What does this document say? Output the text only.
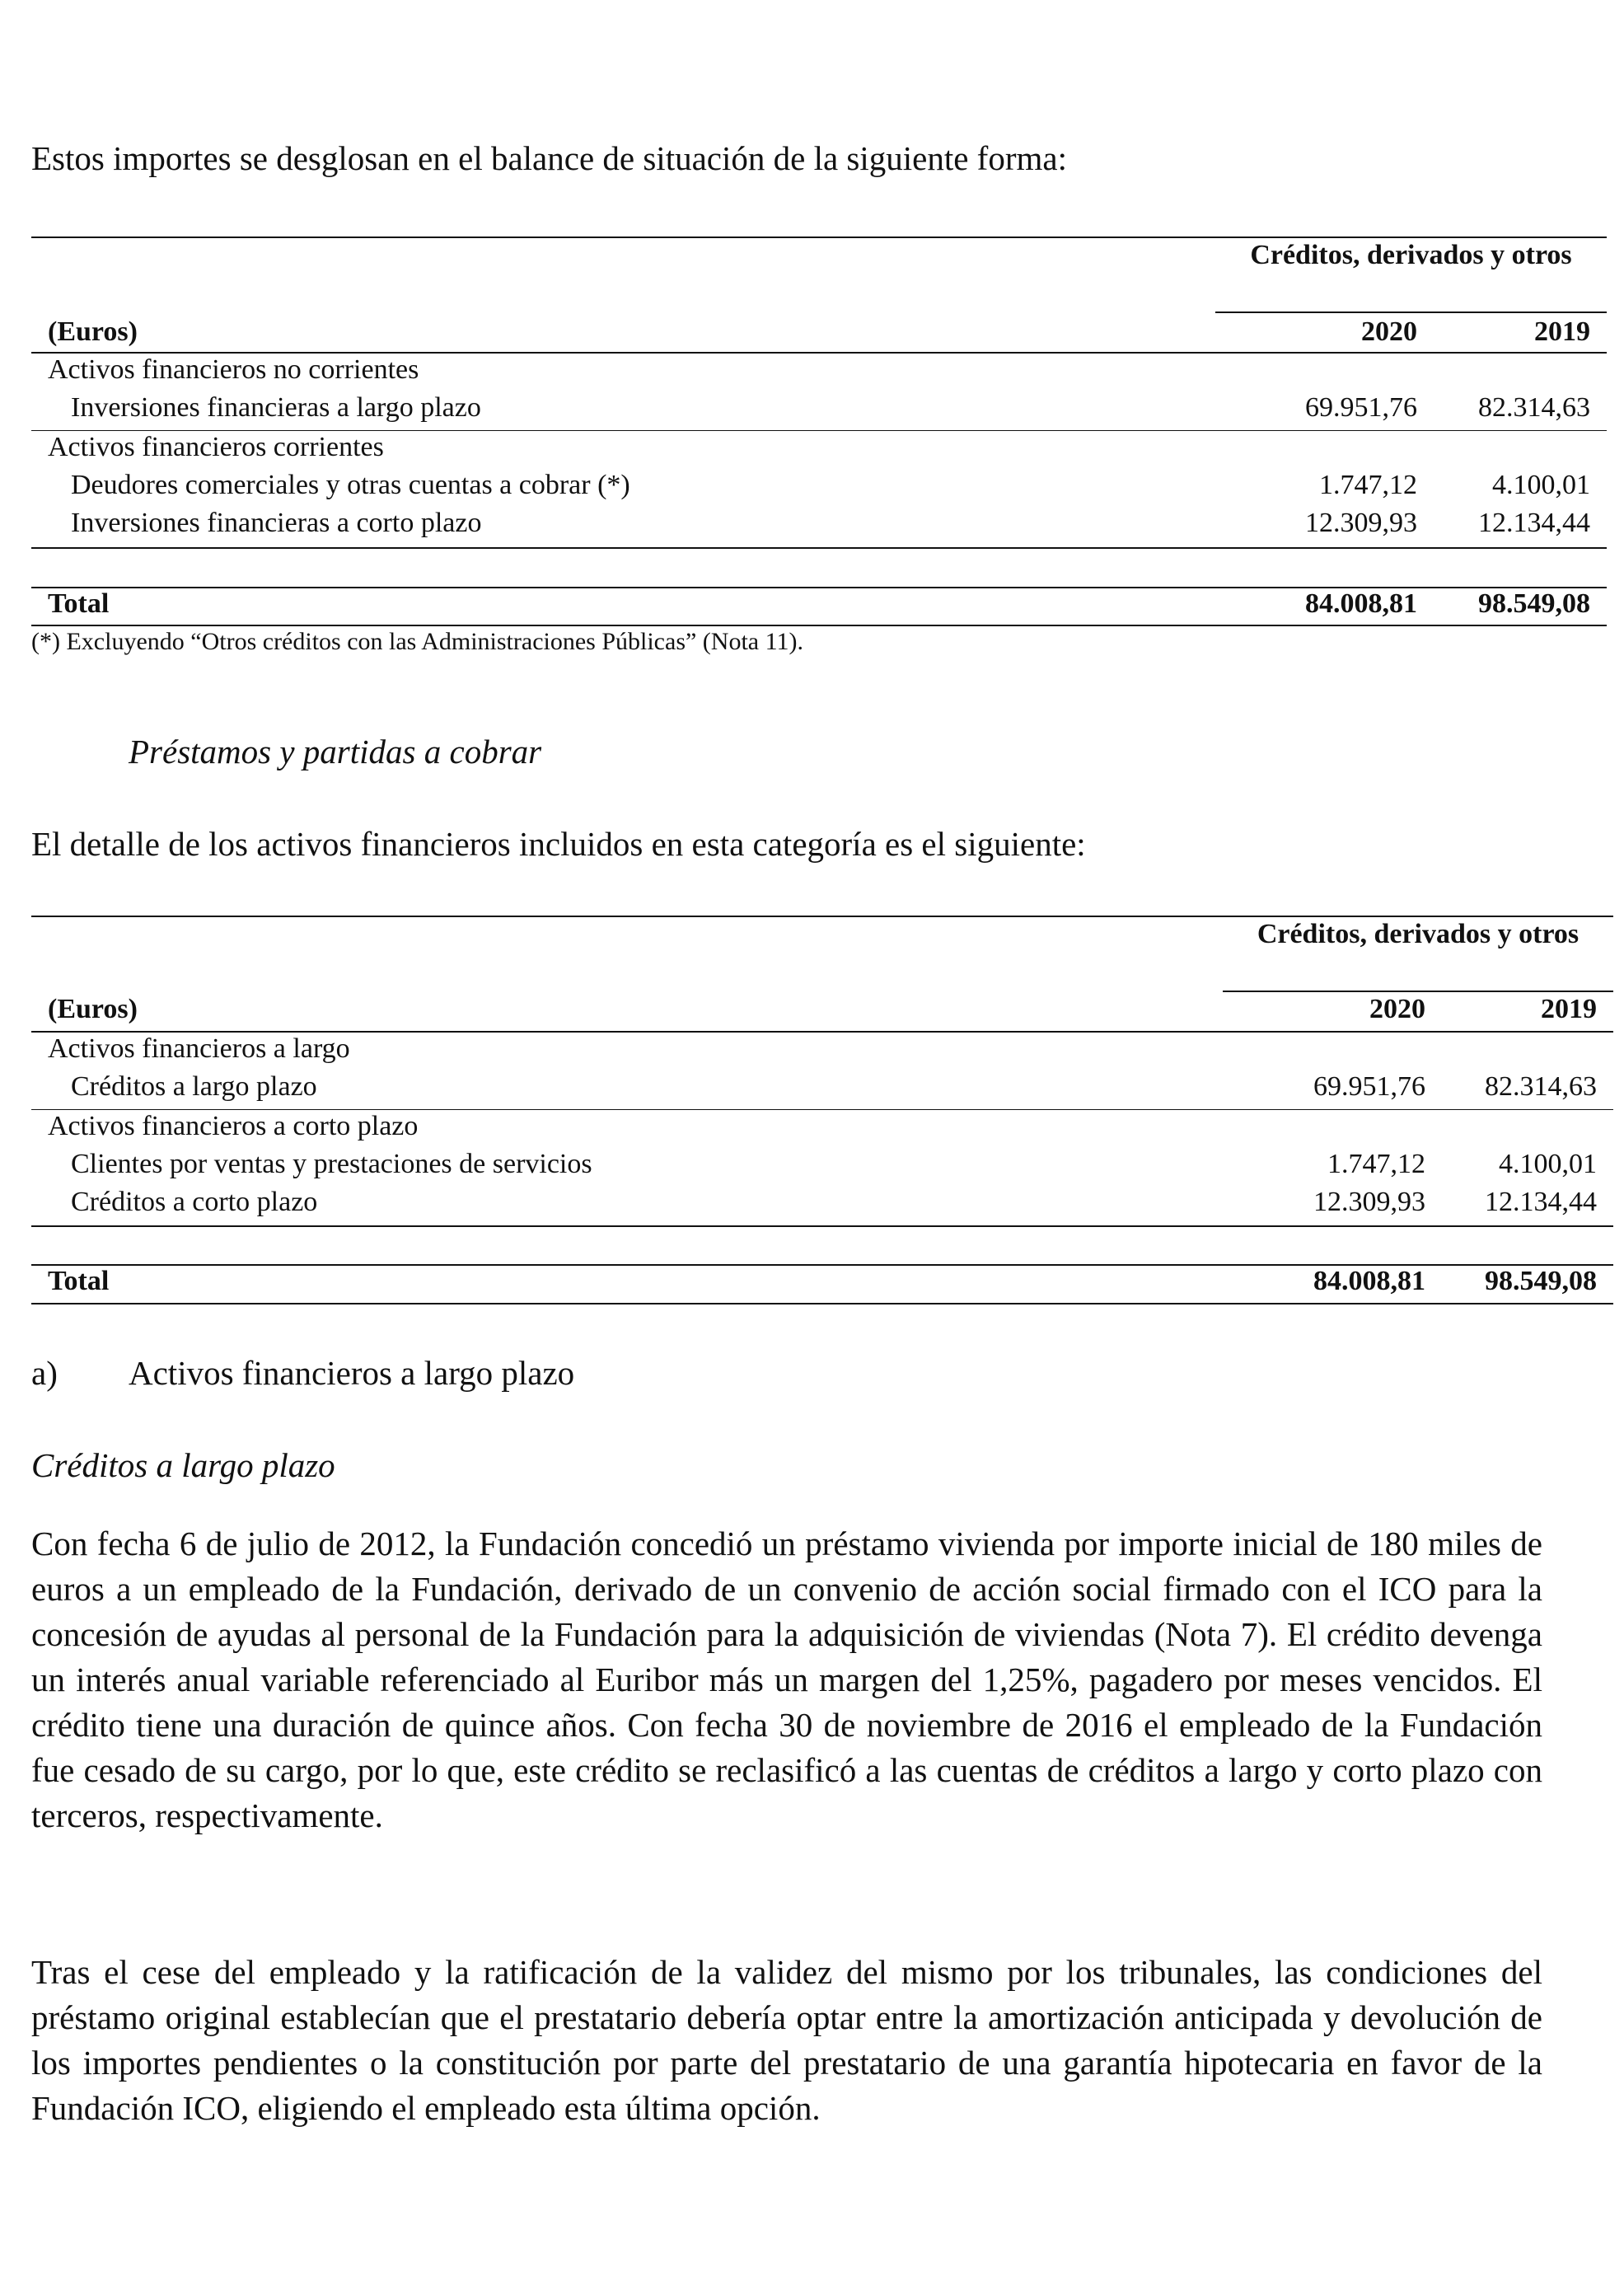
Estos importes se desglosan en el balance de situación de la siguiente forma:
Créditos, derivados y otros
(Euros)	2020	2019
Activos financieros no corrientes
Inversiones financieras a largo plazo	69.951,76	82.314,63
Activos financieros corrientes
Deudores comerciales y otras cuentas a cobrar (*)	1.747,12	4.100,01
Inversiones financieras a corto plazo	12.309,93	12.134,44
Total	84.008,81	98.549,08
(*) Excluyendo “Otros créditos con las Administraciones Públicas” (Nota 11).
Préstamos y partidas a cobrar
El detalle de los activos financieros incluidos en esta categoría es el siguiente:
Créditos, derivados y otros
(Euros)	2020	2019
Activos financieros a largo
Créditos a largo plazo	69.951,76	82.314,63
Activos financieros a corto plazo
Clientes por ventas y prestaciones de servicios	1.747,12	4.100,01
Créditos a corto plazo	12.309,93	12.134,44
Total	84.008,81	98.549,08
a) Activos financieros a largo plazo
Créditos a largo plazo
Con fecha 6 de julio de 2012, la Fundación concedió un préstamo vivienda por importe inicial de 180 miles de euros a un empleado de la Fundación, derivado de un convenio de acción social firmado con el ICO para la concesión de ayudas al personal de la Fundación para la adquisición de viviendas (Nota 7). El crédito devenga un interés anual variable referenciado al Euribor más un margen del 1,25%, pagadero por meses vencidos. El crédito tiene una duración de quince años. Con fecha 30 de noviembre de 2016 el empleado de la Fundación fue cesado de su cargo, por lo que, este crédito se reclasificó a las cuentas de créditos a largo y corto plazo con terceros, respectivamente.
Tras el cese del empleado y la ratificación de la validez del mismo por los tribunales, las condiciones del préstamo original establecían que el prestatario debería optar entre la amortización anticipada y devolución de los importes pendientes o la constitución por parte del prestatario de una garantía hipotecaria en favor de la Fundación ICO, eligiendo el empleado esta última opción.
